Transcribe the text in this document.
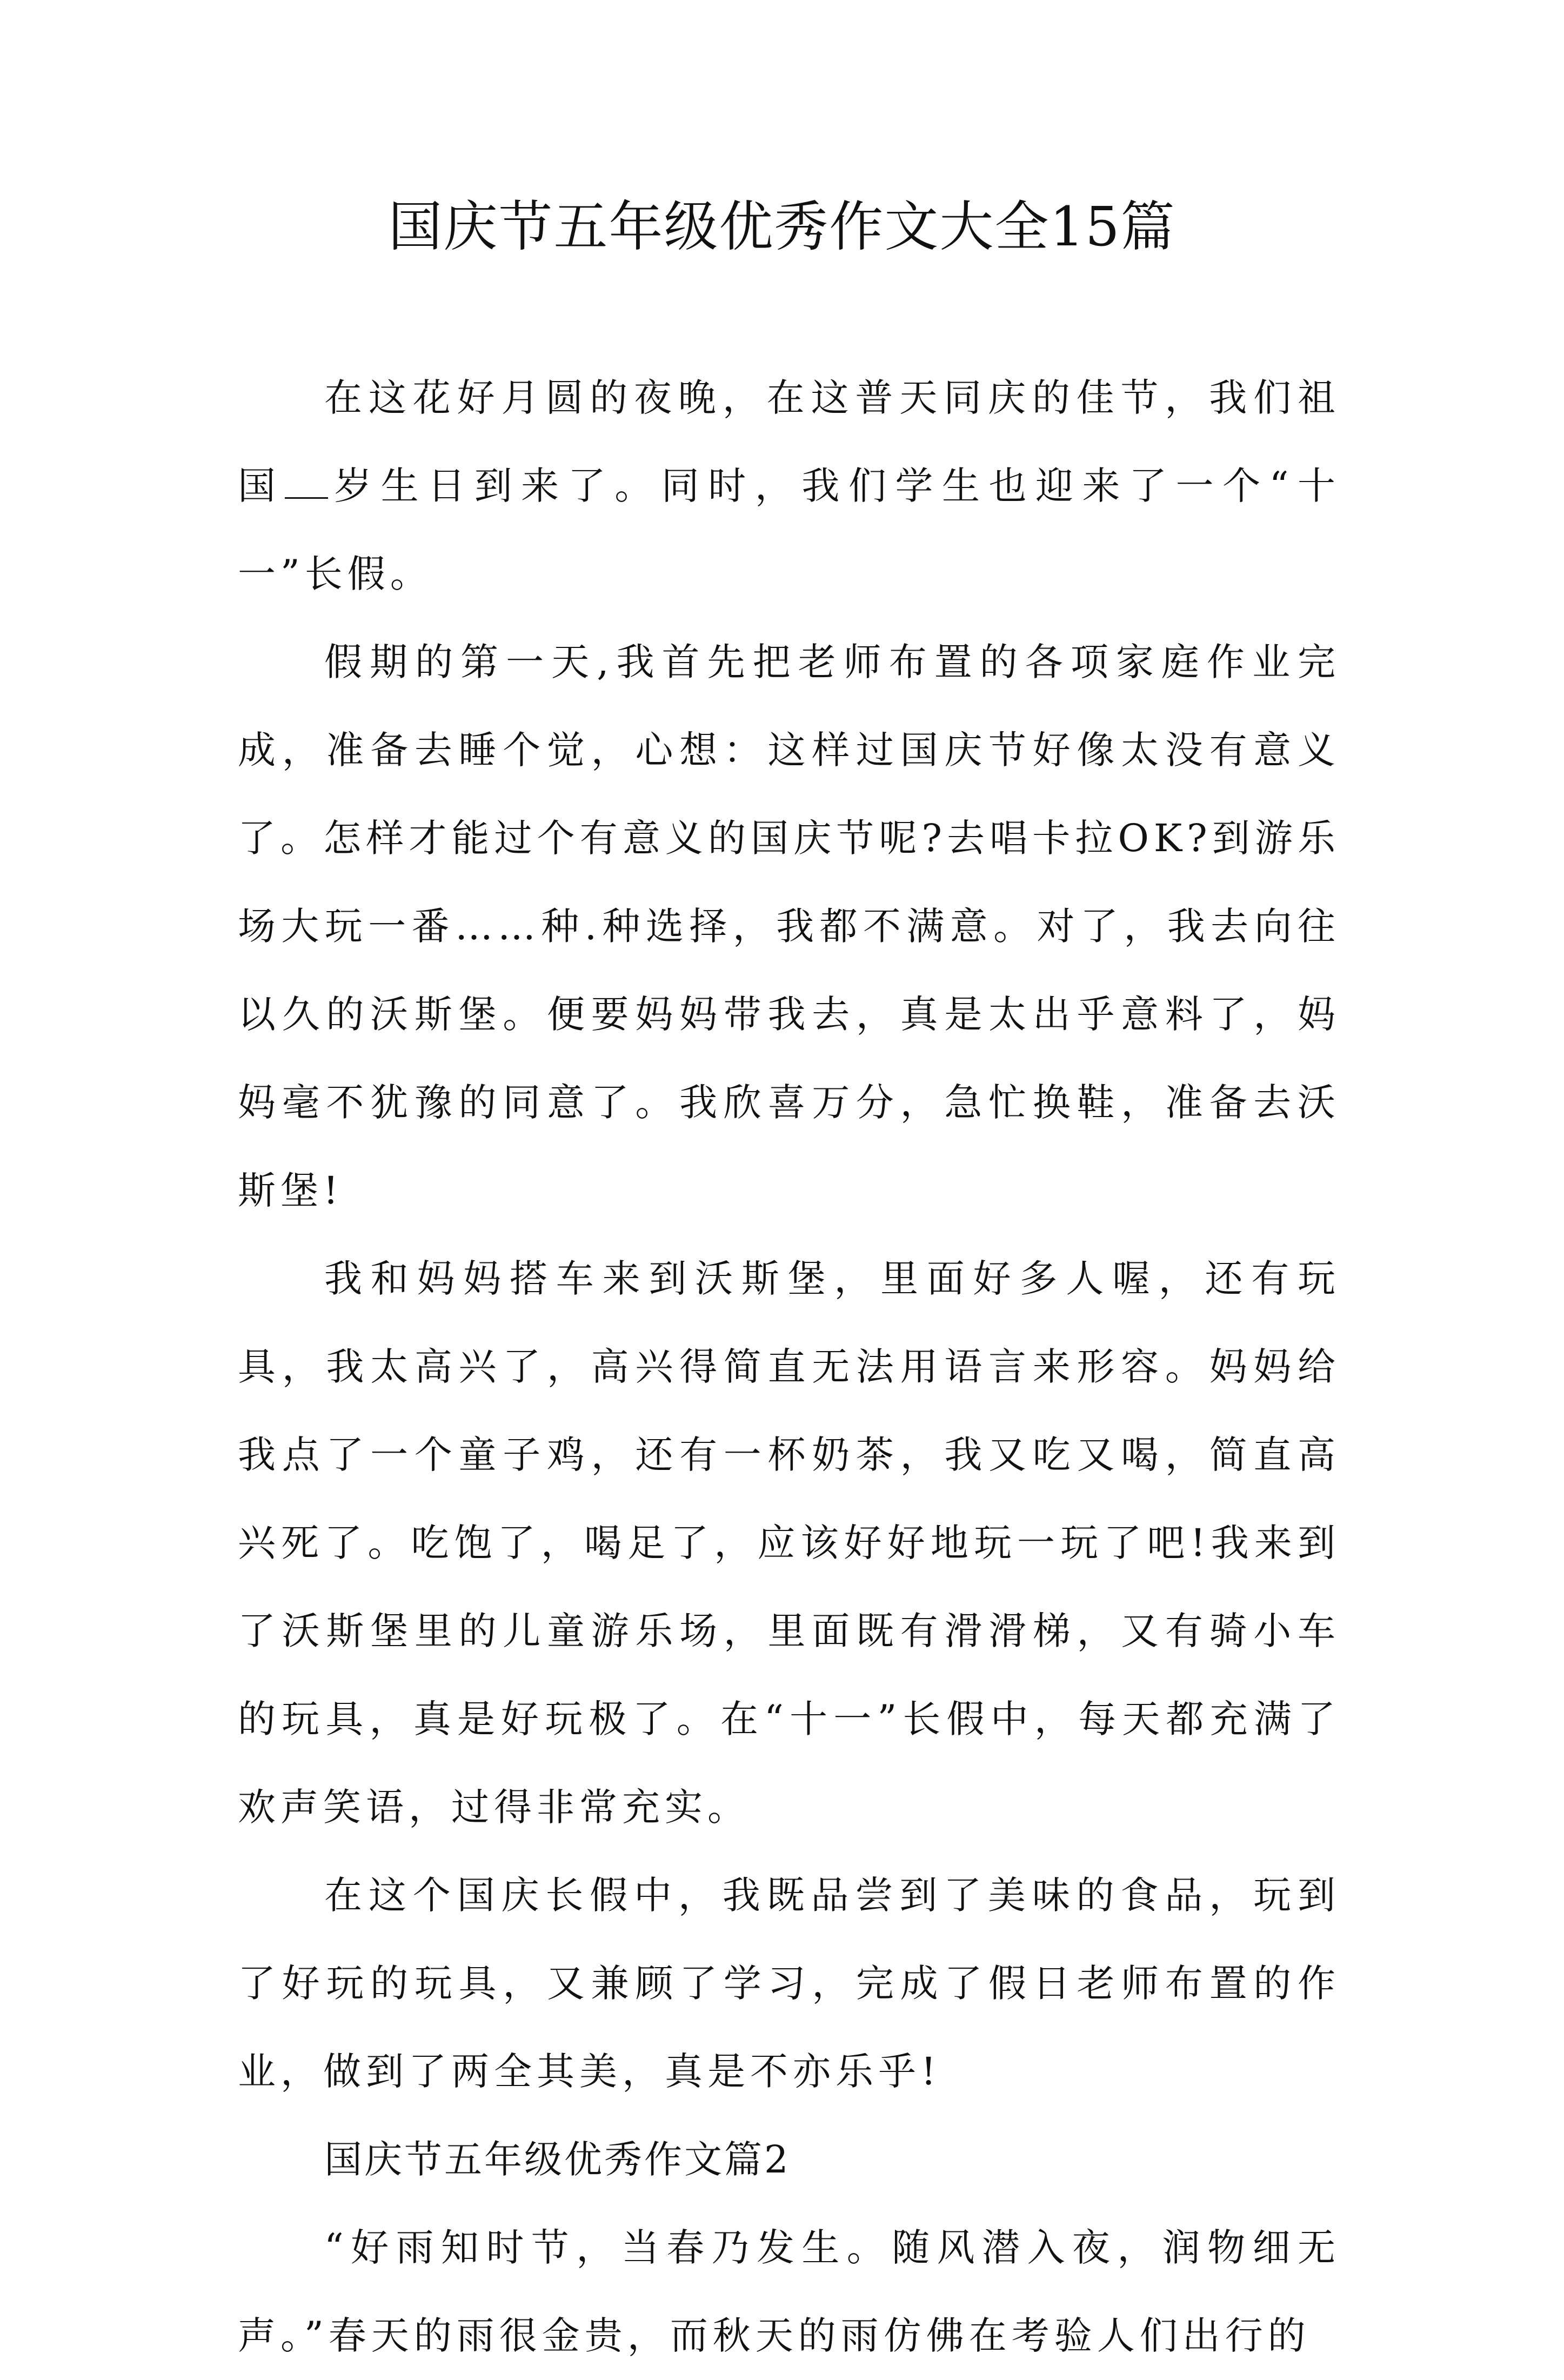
国庆节五年级优秀作文大全15篇

在这花好月圆的夜晚，在这普天同庆的佳节，我们祖国 岁生日到来了。同时，我们学生也迎来了一个“十一”长假。

假期的第一天,我首先把老师布置的各项家庭作业完成，准备去睡个觉，心想：这样过国庆节好像太没有意义了。怎样才能过个有意义的国庆节呢?去唱卡拉OK?到游乐场大玩一番……种.种选择，我都不满意。对了，我去向往以久的沃斯堡。便要妈妈带我去，真是太出乎意料了，妈妈毫不犹豫的同意了。我欣喜万分，急忙换鞋，准备去沃斯堡!

我和妈妈搭车来到沃斯堡，里面好多人喔，还有玩具，我太高兴了，高兴得简直无法用语言来形容。妈妈给我点了一个童子鸡，还有一杯奶茶，我又吃又喝，简直高兴死了。吃饱了，喝足了，应该好好地玩一玩了吧!我来到了沃斯堡里的儿童游乐场，里面既有滑滑梯，又有骑小车的玩具，真是好玩极了。在“十一”长假中，每天都充满了欢声笑语，过得非常充实。

在这个国庆长假中，我既品尝到了美味的食品，玩到了好玩的玩具，又兼顾了学习，完成了假日老师布置的作业，做到了两全其美，真是不亦乐乎!

国庆节五年级优秀作文篇2

“好雨知时节，当春乃发生。随风潜入夜，润物细无声。”春天的雨很金贵，而秋天的雨仿佛在考验人们出行的
